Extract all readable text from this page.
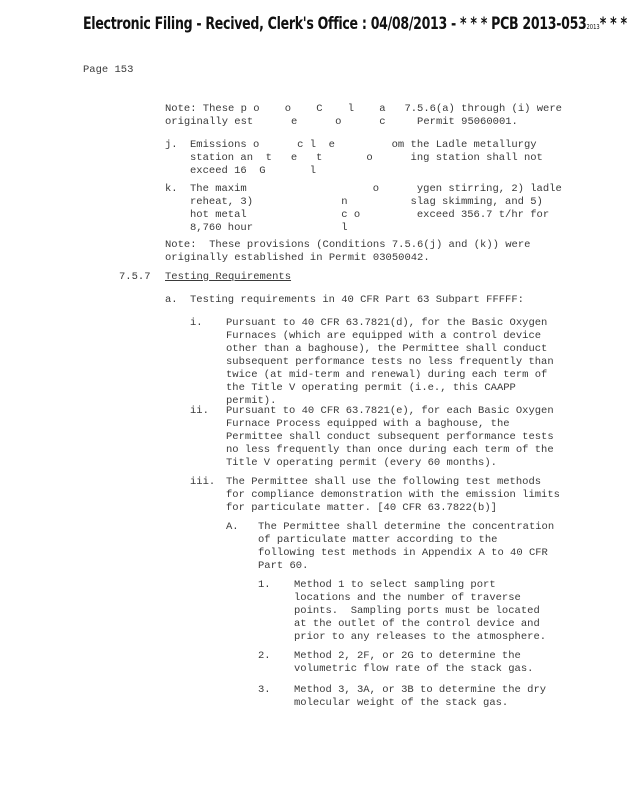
Electronic Filing - Recived, Clerk's Office : 04/08/2013 - * * * PCB 2013-0532013* * *
Page 153
Note: These p o    o    C    l    a   7.5.6(a) through (i) were
originally est      e      o      c     Permit 95060001.
j. Emissions o      c l  e         om the Ladle metallurgy
station an  t   e   t       o      ing station shall not
exceed 16  G       l
k. The maxim                    o      ygen stirring, 2) ladle
reheat, 3)              n          slag skimming, and 5)
hot metal               c o         exceed 356.7 t/hr for
8,760 hour              l
Note:  These provisions (Conditions 7.5.6(j) and (k)) were
originally established in Permit 03050042.
7.5.7 Testing Requirements
a. Testing requirements in 40 CFR Part 63 Subpart FFFFF:
i. Pursuant to 40 CFR 63.7821(d), for the Basic Oxygen
Furnaces (which are equipped with a control device
other than a baghouse), the Permittee shall conduct
subsequent performance tests no less frequently than
twice (at mid-term and renewal) during each term of
the Title V operating permit (i.e., this CAAPP
permit).
ii. Pursuant to 40 CFR 63.7821(e), for each Basic Oxygen
Furnace Process equipped with a baghouse, the
Permittee shall conduct subsequent performance tests
no less frequently than once during each term of the
Title V operating permit (every 60 months).
iii. The Permittee shall use the following test methods
for compliance demonstration with the emission limits
for particulate matter. [40 CFR 63.7822(b)]
A. The Permittee shall determine the concentration
of particulate matter according to the
following test methods in Appendix A to 40 CFR
Part 60.
1. Method 1 to select sampling port
locations and the number of traverse
points.  Sampling ports must be located
at the outlet of the control device and
prior to any releases to the atmosphere.
2. Method 2, 2F, or 2G to determine the
volumetric flow rate of the stack gas.
3. Method 3, 3A, or 3B to determine the dry
molecular weight of the stack gas.
